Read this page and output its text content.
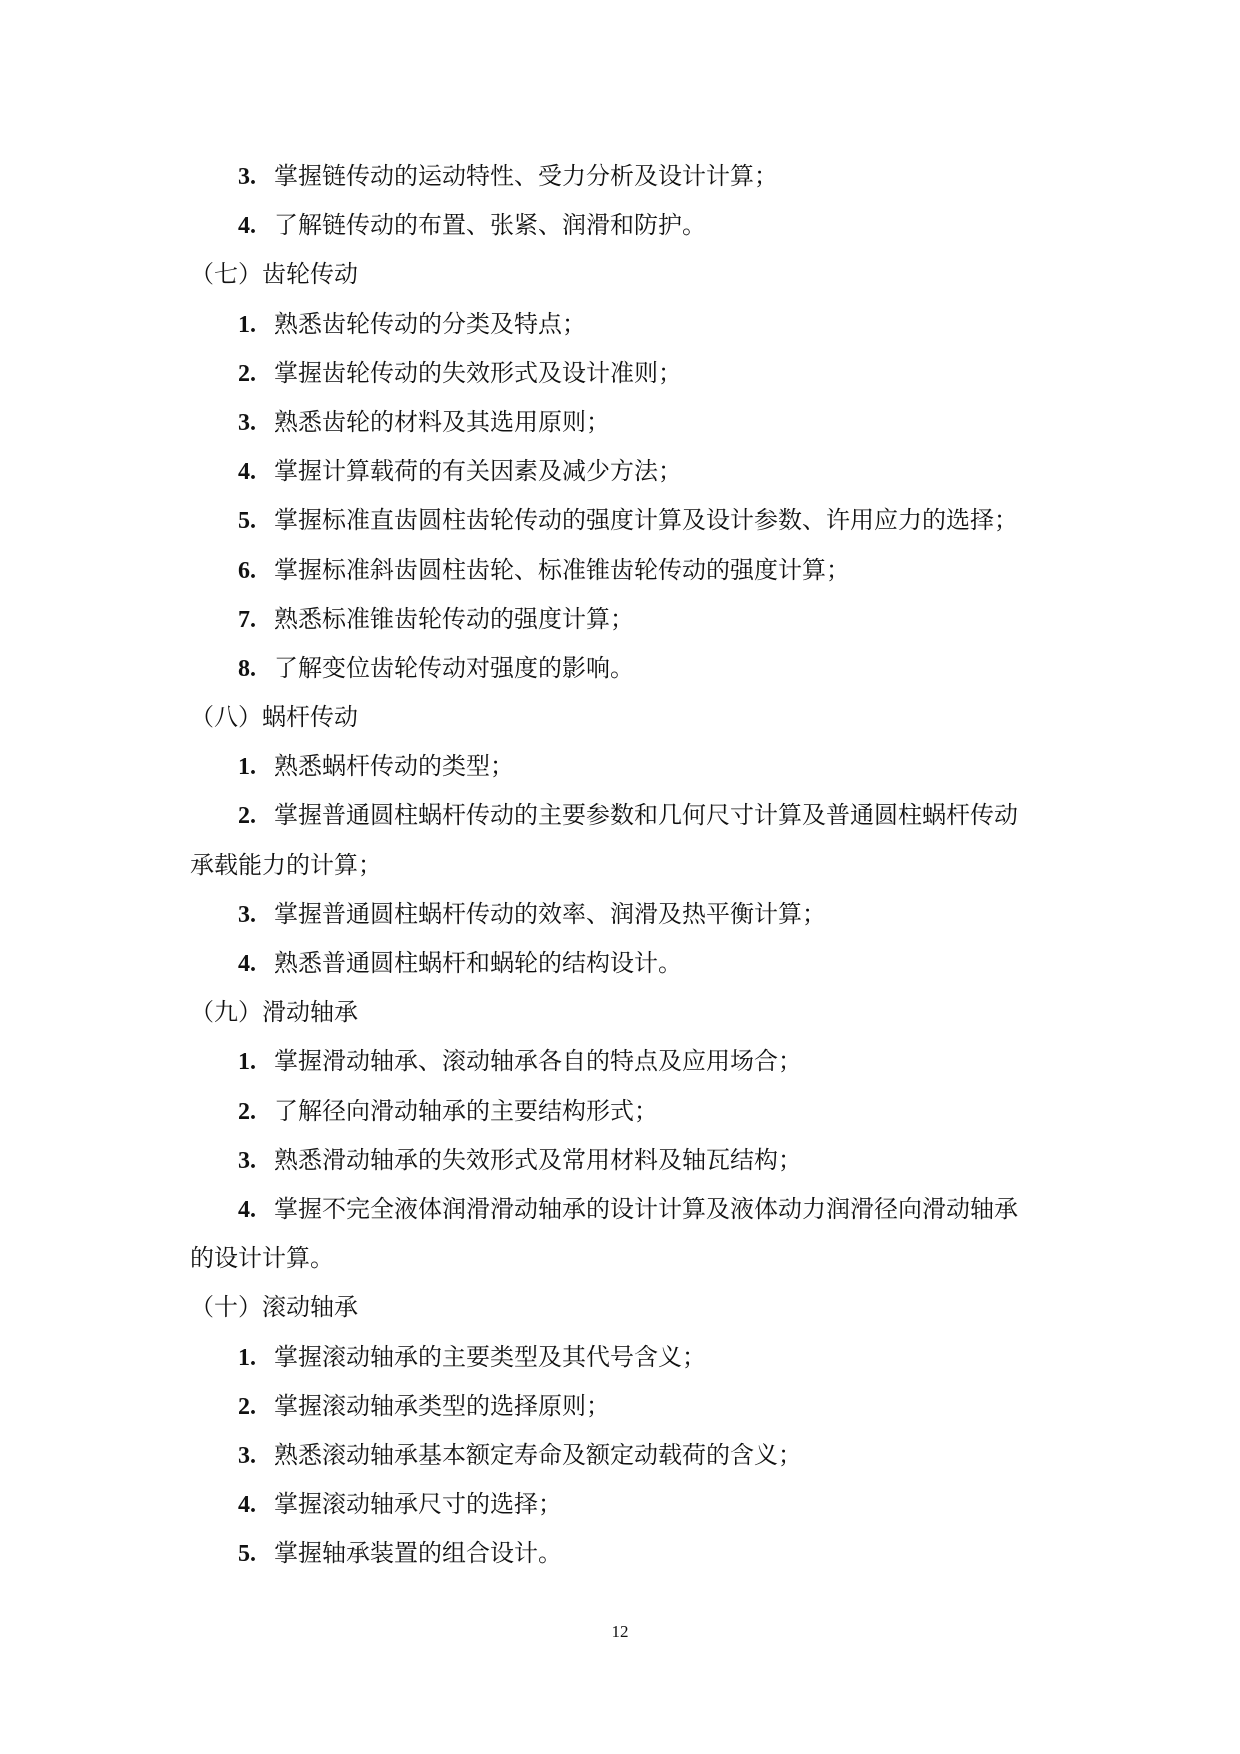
3. 掌握链传动的运动特性、受力分析及设计计算；
4. 了解链传动的布置、张紧、润滑和防护。
（七）齿轮传动
1. 熟悉齿轮传动的分类及特点；
2. 掌握齿轮传动的失效形式及设计准则；
3. 熟悉齿轮的材料及其选用原则；
4. 掌握计算载荷的有关因素及减少方法；
5. 掌握标准直齿圆柱齿轮传动的强度计算及设计参数、许用应力的选择；
6. 掌握标准斜齿圆柱齿轮、标准锥齿轮传动的强度计算；
7. 熟悉标准锥齿轮传动的强度计算；
8. 了解变位齿轮传动对强度的影响。
（八）蜗杆传动
1. 熟悉蜗杆传动的类型；
2. 掌握普通圆柱蜗杆传动的主要参数和几何尺寸计算及普通圆柱蜗杆传动
承载能力的计算；
3. 掌握普通圆柱蜗杆传动的效率、润滑及热平衡计算；
4. 熟悉普通圆柱蜗杆和蜗轮的结构设计。
（九）滑动轴承
1. 掌握滑动轴承、滚动轴承各自的特点及应用场合；
2. 了解径向滑动轴承的主要结构形式；
3. 熟悉滑动轴承的失效形式及常用材料及轴瓦结构；
4. 掌握不完全液体润滑滑动轴承的设计计算及液体动力润滑径向滑动轴承
的设计计算。
（十）滚动轴承
1. 掌握滚动轴承的主要类型及其代号含义；
2. 掌握滚动轴承类型的选择原则；
3. 熟悉滚动轴承基本额定寿命及额定动载荷的含义；
4. 掌握滚动轴承尺寸的选择；
5. 掌握轴承装置的组合设计。
12
